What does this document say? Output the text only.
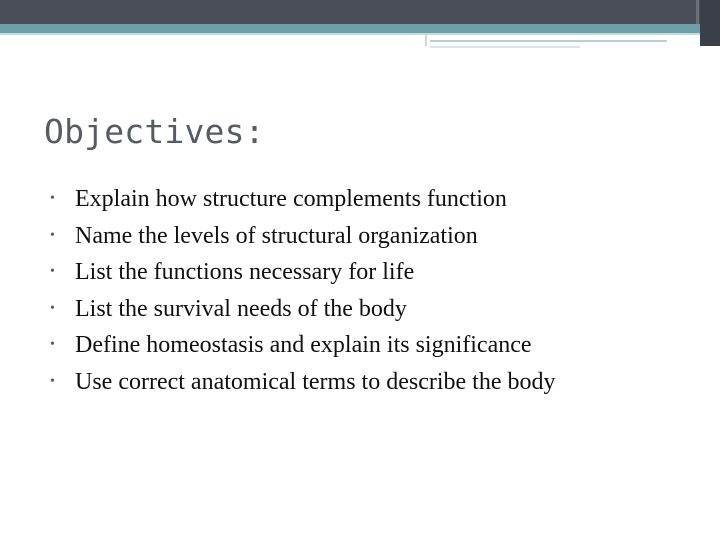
Objectives:
• Explain how structure complements function
• Name the levels of structural organization
• List the functions necessary for life
• List the survival needs of the body
• Define homeostasis and explain its significance
• Use correct anatomical terms to describe the body
